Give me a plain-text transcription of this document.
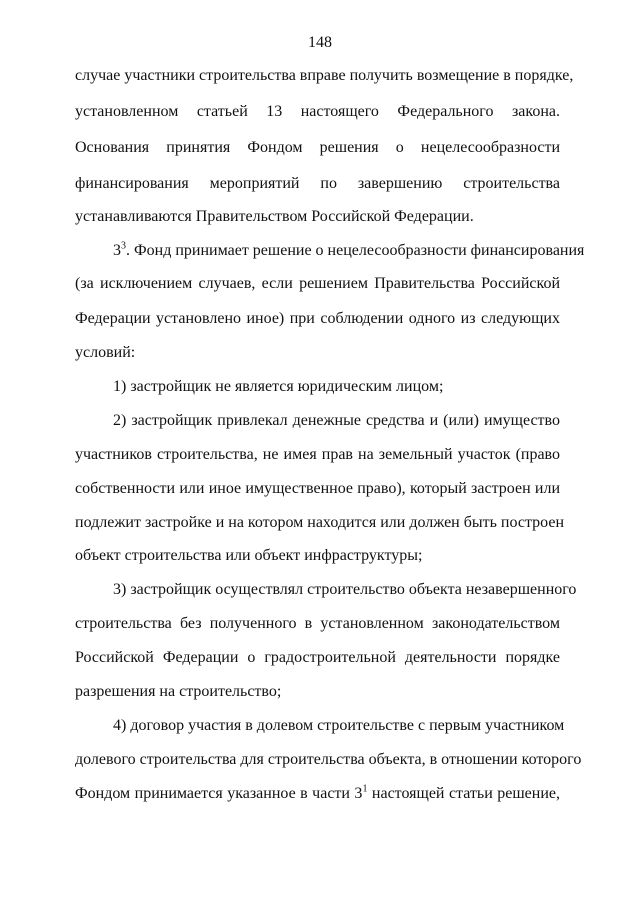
148
случае участники строительства вправе получить возмещение в порядке,
установленном статьей 13 настоящего Федерального закона.
Основания принятия Фондом решения о нецелесообразности
финансирования мероприятий по завершению строительства
устанавливаются Правительством Российской Федерации.
$3^3$. Фонд принимает решение о нецелесообразности финансирования
(за исключением случаев, если решением Правительства Российской
Федерации установлено иное) при соблюдении одного из следующих
условий:
1) застройщик не является юридическим лицом;
2) застройщик привлекал денежные средства и (или) имущество
участников строительства, не имея прав на земельный участок (право
собственности или иное имущественное право), который застроен или
подлежит застройке и на котором находится или должен быть построен
объект строительства или объект инфраструктуры;
3) застройщик осуществлял строительство объекта незавершенного
строительства без полученного в установленном законодательством
Российской Федерации о градостроительной деятельности порядке
разрешения на строительство;
4) договор участия в долевом строительстве с первым участником
долевого строительства для строительства объекта, в отношении которого
Фондом принимается указанное в части $3^1$ настоящей статьи решение,
